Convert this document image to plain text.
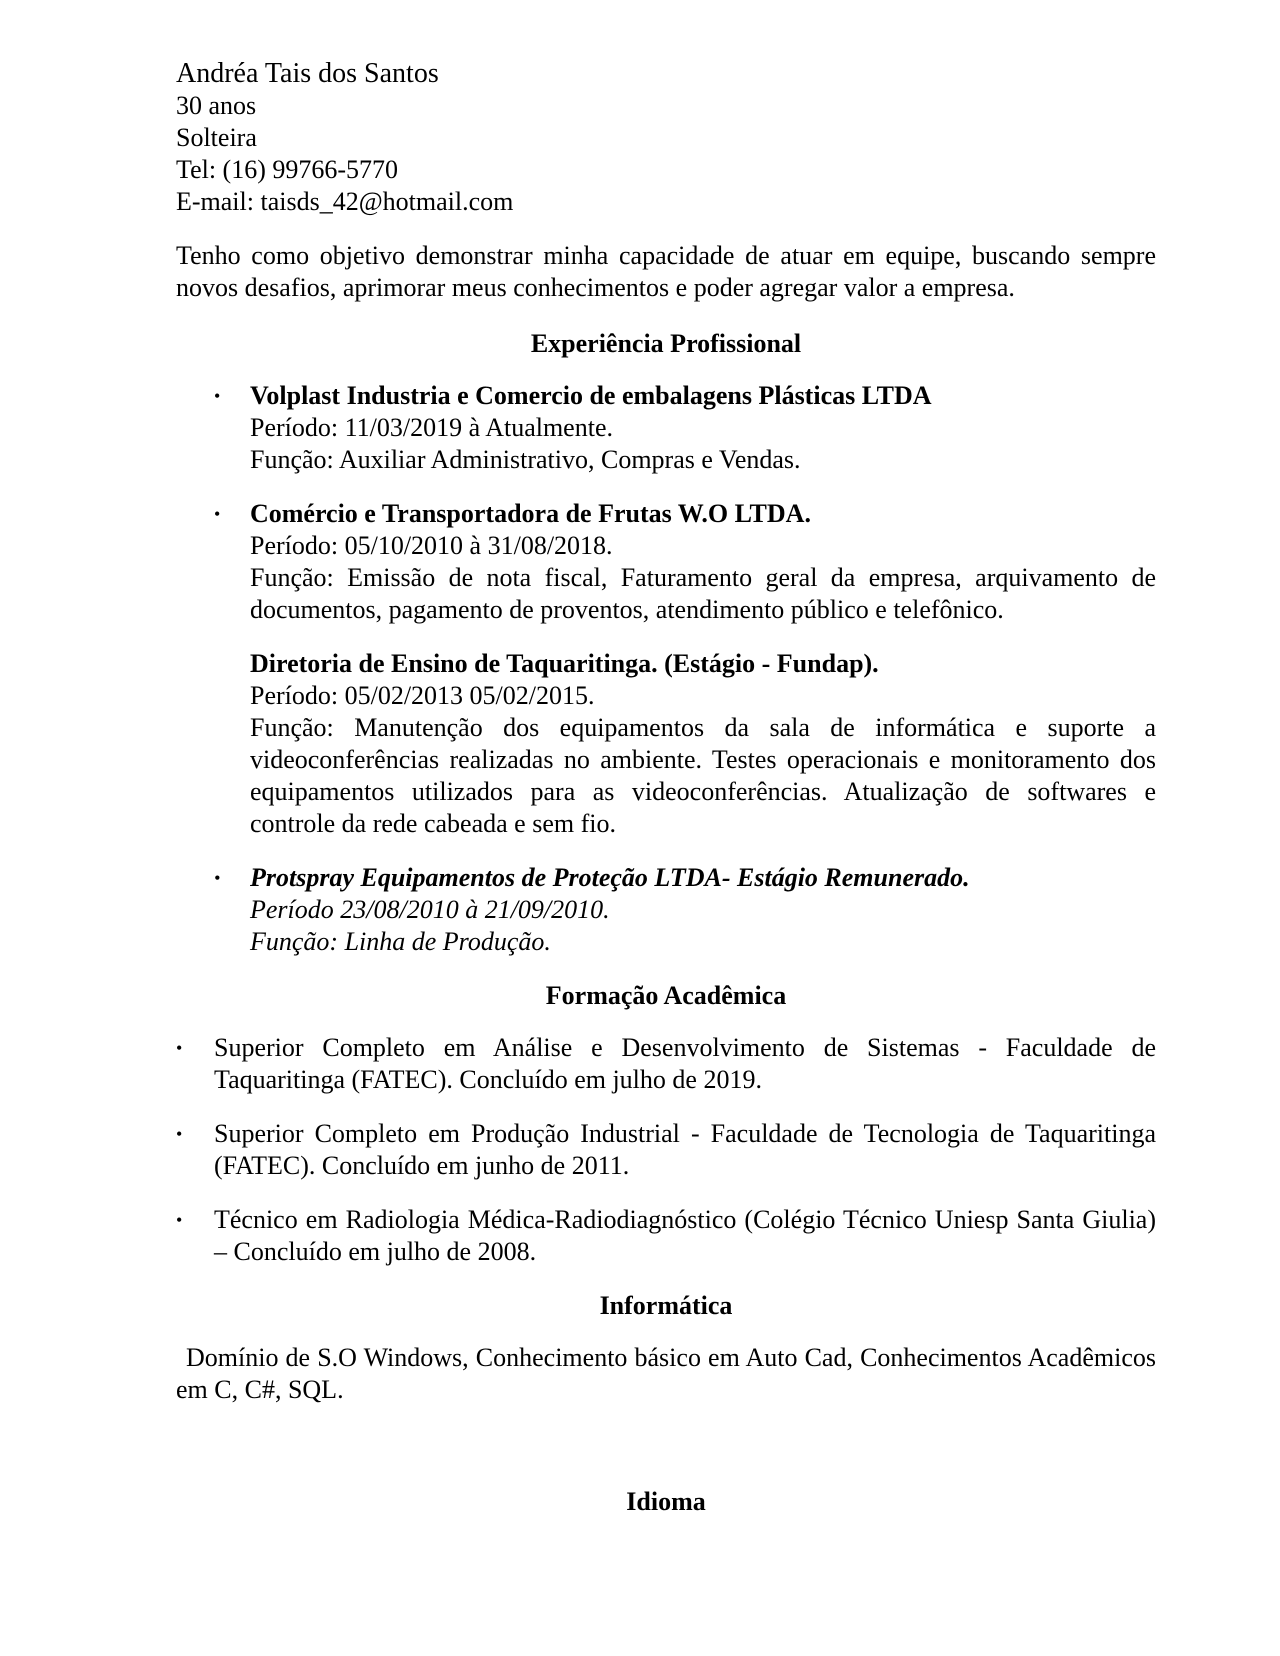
Andréa Tais dos Santos
30 anos
Solteira
Tel: (16) 99766-5770
E-mail: taisds_42@hotmail.com
Tenho como objetivo demonstrar minha capacidade de atuar em equipe, buscando sempre novos desafios, aprimorar meus conhecimentos e poder agregar valor a empresa.
Experiência Profissional
• Volplast Industria e Comercio de embalagens Plásticas LTDA
Período: 11/03/2019 à Atualmente.
Função: Auxiliar Administrativo, Compras e Vendas.
• Comércio e Transportadora de Frutas W.O LTDA.
Período: 05/10/2010 à 31/08/2018.
Função: Emissão de nota fiscal, Faturamento geral da empresa, arquivamento de documentos, pagamento de proventos, atendimento público e telefônico.
Diretoria de Ensino de Taquaritinga. (Estágio - Fundap).
Período: 05/02/2013 05/02/2015.
Função: Manutenção dos equipamentos da sala de informática e suporte a videoconferências realizadas no ambiente. Testes operacionais e monitoramento dos equipamentos utilizados para as videoconferências. Atualização de softwares e controle da rede cabeada e sem fio.
• Protspray Equipamentos de Proteção LTDA- Estágio Remunerado.
Período 23/08/2010 à 21/09/2010.
Função: Linha de Produção.
Formação Acadêmica
• Superior Completo em Análise e Desenvolvimento de Sistemas - Faculdade de Taquaritinga (FATEC). Concluído em julho de 2019.
• Superior Completo em Produção Industrial - Faculdade de Tecnologia de Taquaritinga (FATEC). Concluído em junho de 2011.
• Técnico em Radiologia Médica-Radiodiagnóstico (Colégio Técnico Uniesp Santa Giulia) – Concluído em julho de 2008.
Informática
Domínio de S.O Windows, Conhecimento básico em Auto Cad, Conhecimentos Acadêmicos em C, C#, SQL.
Idioma
